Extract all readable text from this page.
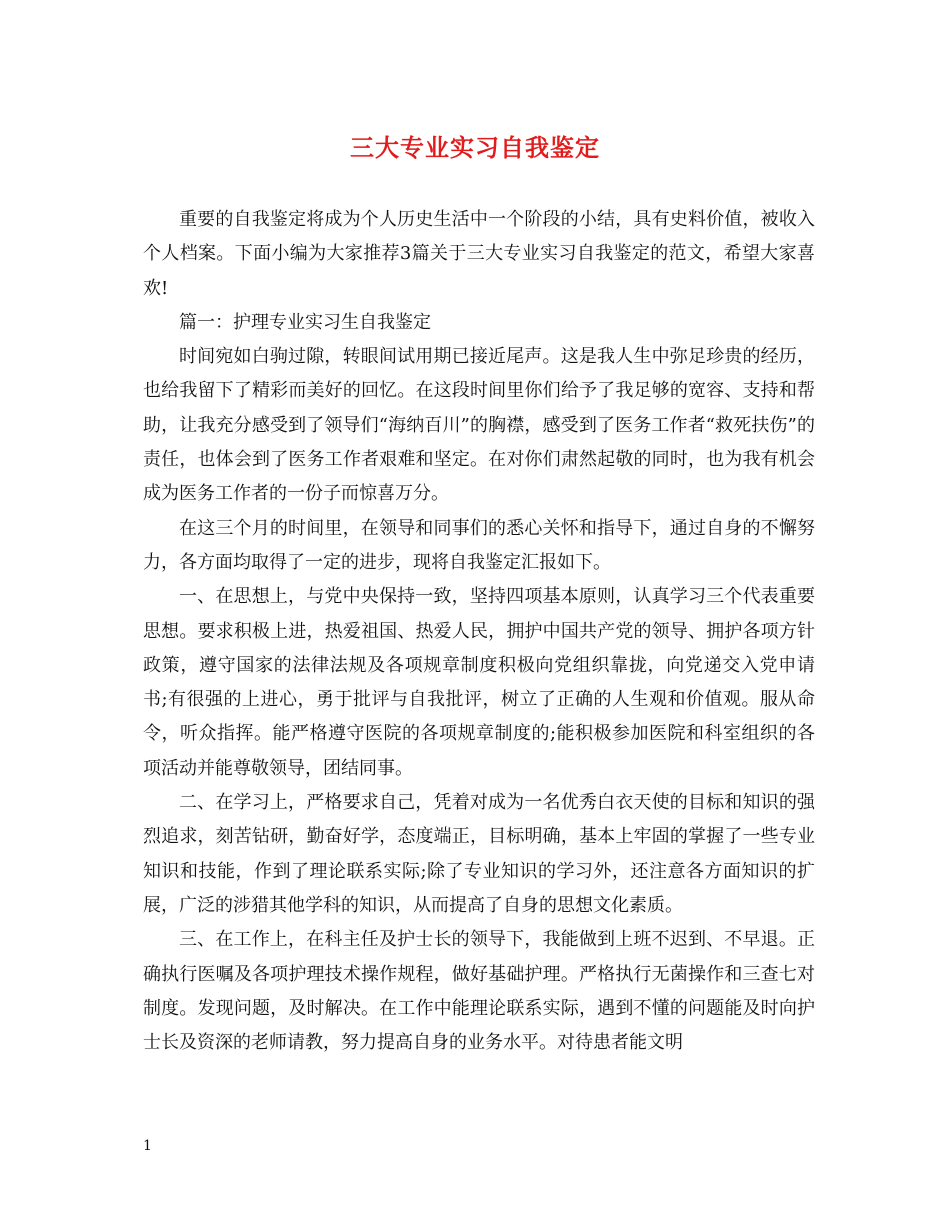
三大专业实习自我鉴定

重要的自我鉴定将成为个人历史生活中一个阶段的小结，具有史料价值，被收入个人档案。下面小编为大家推荐3篇关于三大专业实习自我鉴定的范文，希望大家喜欢!

篇一：护理专业实习生自我鉴定

时间宛如白驹过隙，转眼间试用期已接近尾声。这是我人生中弥足珍贵的经历，也给我留下了精彩而美好的回忆。在这段时间里你们给予了我足够的宽容、支持和帮助，让我充分感受到了领导们“海纳百川”的胸襟，感受到了医务工作者“救死扶伤”的责任，也体会到了医务工作者艰难和坚定。在对你们肃然起敬的同时，也为我有机会成为医务工作者的一份子而惊喜万分。

在这三个月的时间里，在领导和同事们的悉心关怀和指导下，通过自身的不懈努力，各方面均取得了一定的进步，现将自我鉴定汇报如下。

一、在思想上，与党中央保持一致，坚持四项基本原则，认真学习三个代表重要思想。要求积极上进，热爱祖国、热爱人民，拥护中国共产党的领导、拥护各项方针政策，遵守国家的法律法规及各项规章制度积极向党组织靠拢，向党递交入党申请书;有很强的上进心，勇于批评与自我批评，树立了正确的人生观和价值观。服从命令，听众指挥。能严格遵守医院的各项规章制度的;能积极参加医院和科室组织的各项活动并能尊敬领导，团结同事。

二、在学习上，严格要求自己，凭着对成为一名优秀白衣天使的目标和知识的强烈追求，刻苦钻研，勤奋好学，态度端正，目标明确，基本上牢固的掌握了一些专业知识和技能，作到了理论联系实际;除了专业知识的学习外，还注意各方面知识的扩展，广泛的涉猎其他学科的知识，从而提高了自身的思想文化素质。

三、在工作上，在科主任及护士长的领导下，我能做到上班不迟到、不早退。正确执行医嘱及各项护理技术操作规程，做好基础护理。严格执行无菌操作和三查七对制度。发现问题，及时解决。在工作中能理论联系实际，遇到不懂的问题能及时向护士长及资深的老师请教，努力提高自身的业务水平。对待患者能文明

1
